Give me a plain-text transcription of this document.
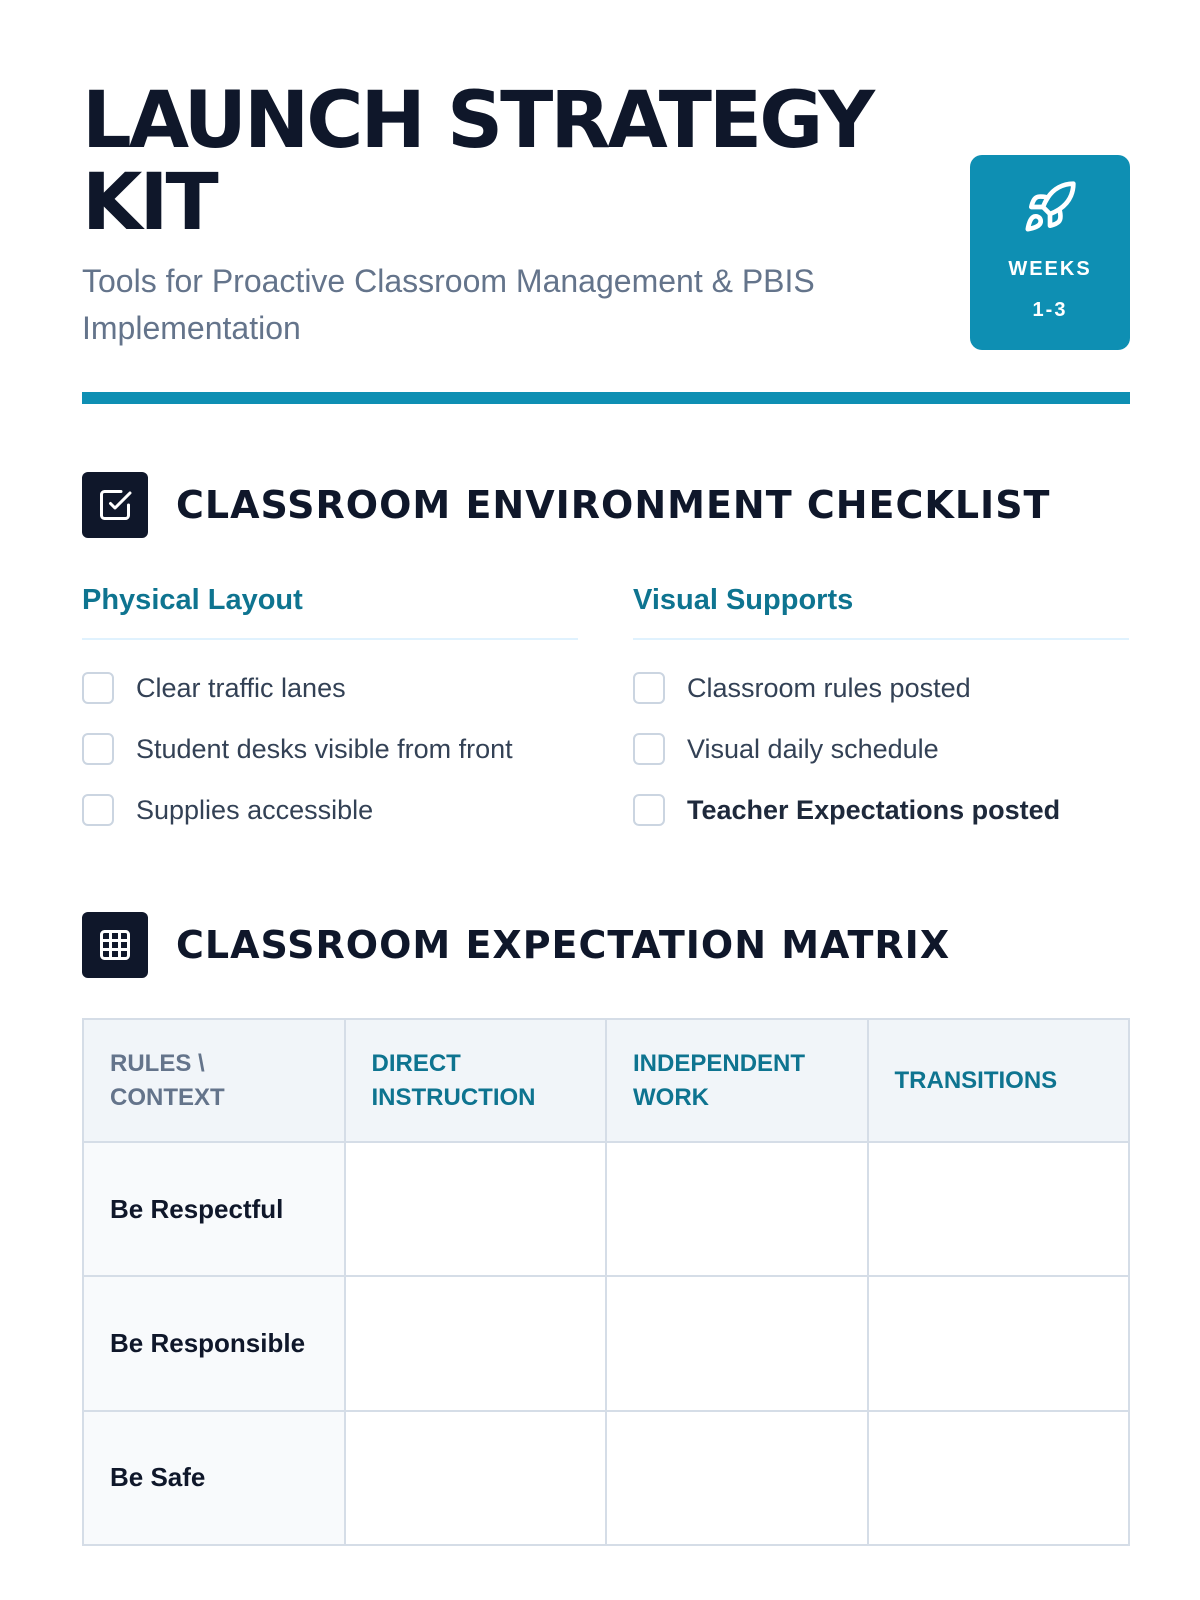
LAUNCH STRATEGY KIT

Tools for Proactive Classroom Management & PBIS Implementation

WEEKS
1-3
CLASSROOM ENVIRONMENT CHECKLIST
Physical Layout
Clear traffic lanes
Student desks visible from front
Supplies accessible
Visual Supports
Classroom rules posted
Visual daily schedule
Teacher Expectations posted
CLASSROOM EXPECTATION MATRIX
RULES \ CONTEXT	DIRECT INSTRUCTION	INDEPENDENT WORK	TRANSITIONS
Be Respectful			
Be Responsible			
Be Safe			
